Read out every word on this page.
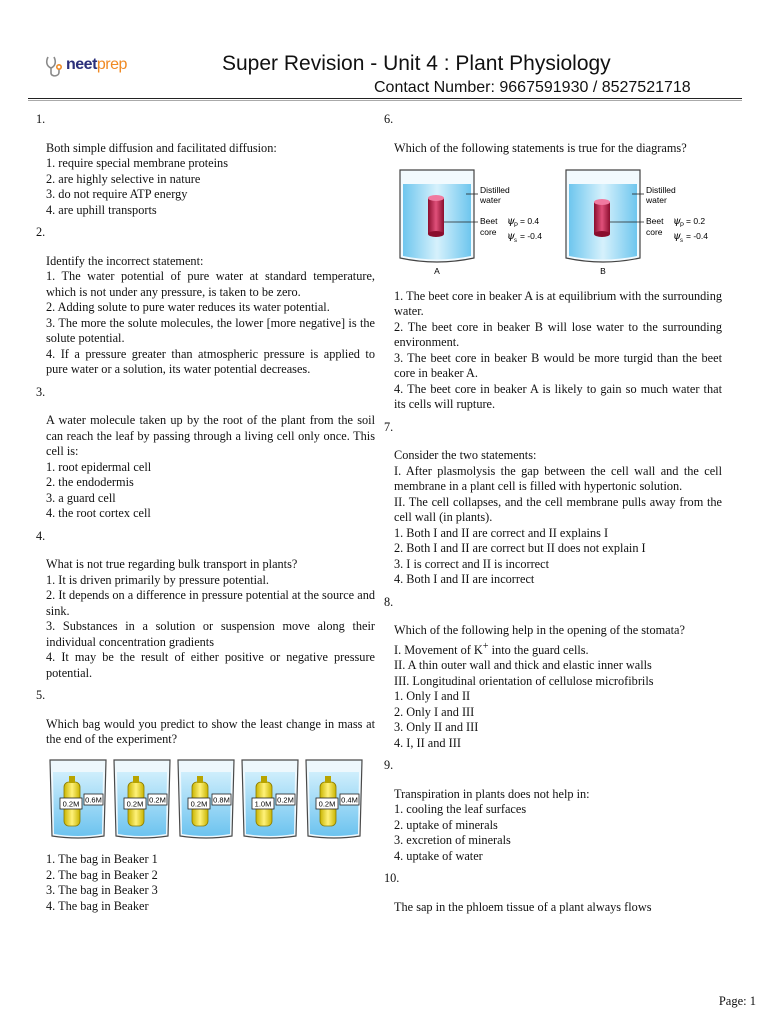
neetprep	Super Revision - Unit 4 : Plant Physiology
Contact Number: 9667591930 / 8527521718
1.
Both simple diffusion and facilitated diffusion:
1. require special membrane proteins
2. are highly selective in nature
3. do not require ATP energy
4. are uphill transports
2.
Identify the incorrect statement:
1. The water potential of pure water at standard temperature, which is not under any pressure, is taken to be zero.
2. Adding solute to pure water reduces its water potential.
3. The more the solute molecules, the lower [more negative] is the solute potential.
4. If a pressure greater than atmospheric pressure is applied to pure water or a solution, its water potential decreases.
3.
A water molecule taken up by the root of the plant from the soil can reach the leaf by passing through a living cell only once. This cell is:
1. root epidermal cell
2. the endodermis
3. a guard cell
4. the root cortex cell
4.
What is not true regarding bulk transport in plants?
1. It is driven primarily by pressure potential.
2. It depends on a difference in pressure potential at the source and sink.
3. Substances in a solution or suspension move along their individual concentration gradients
4. It may be the result of either positive or negative pressure potential.
5.
Which bag would you predict to show the least change in mass at the end of the experiment?
0.2M 0.6M	0.2M 0.2M	0.2M 0.8M	1.0M 0.2M	0.2M 0.4M
1. The bag in Beaker 1
2. The bag in Beaker 2
3. The bag in Beaker 3
4. The bag in Beaker
6.
Which of the following statements is true for the diagrams?
Distilled
water
Beet
core
ψ P = 0.4
ψ s = -0.4
A
Distilled
water
Beet
core
ψ P = 0.2
ψ s = -0.4
B
1. The beet core in beaker A is at equilibrium with the surrounding water.
2. The beet core in beaker B will lose water to the surrounding environment.
3. The beet core in beaker B would be more turgid than the beet core in beaker A.
4. The beet core in beaker A is likely to gain so much water that its cells will rupture.
7.
Consider the two statements:
I. After plasmolysis the gap between the cell wall and the cell membrane in a plant cell is filled with hypertonic solution.
II. The cell collapses, and the cell membrane pulls away from the cell wall (in plants).
1. Both I and II are correct and II explains I
2. Both I and II are correct but II does not explain I
3. I is correct and II is incorrect
4. Both I and II are incorrect
8.
Which of the following help in the opening of the stomata?
I. Movement of K+ into the guard cells.
II. A thin outer wall and thick and elastic inner walls
III. Longitudinal orientation of cellulose microfibrils
1. Only I and II
2. Only I and III
3. Only II and III
4. I, II and III
9.
Transpiration in plants does not help in:
1. cooling the leaf surfaces
2. uptake of minerals
3. excretion of minerals
4. uptake of water
10.
The sap in the phloem tissue of a plant always flows
Page: 1
